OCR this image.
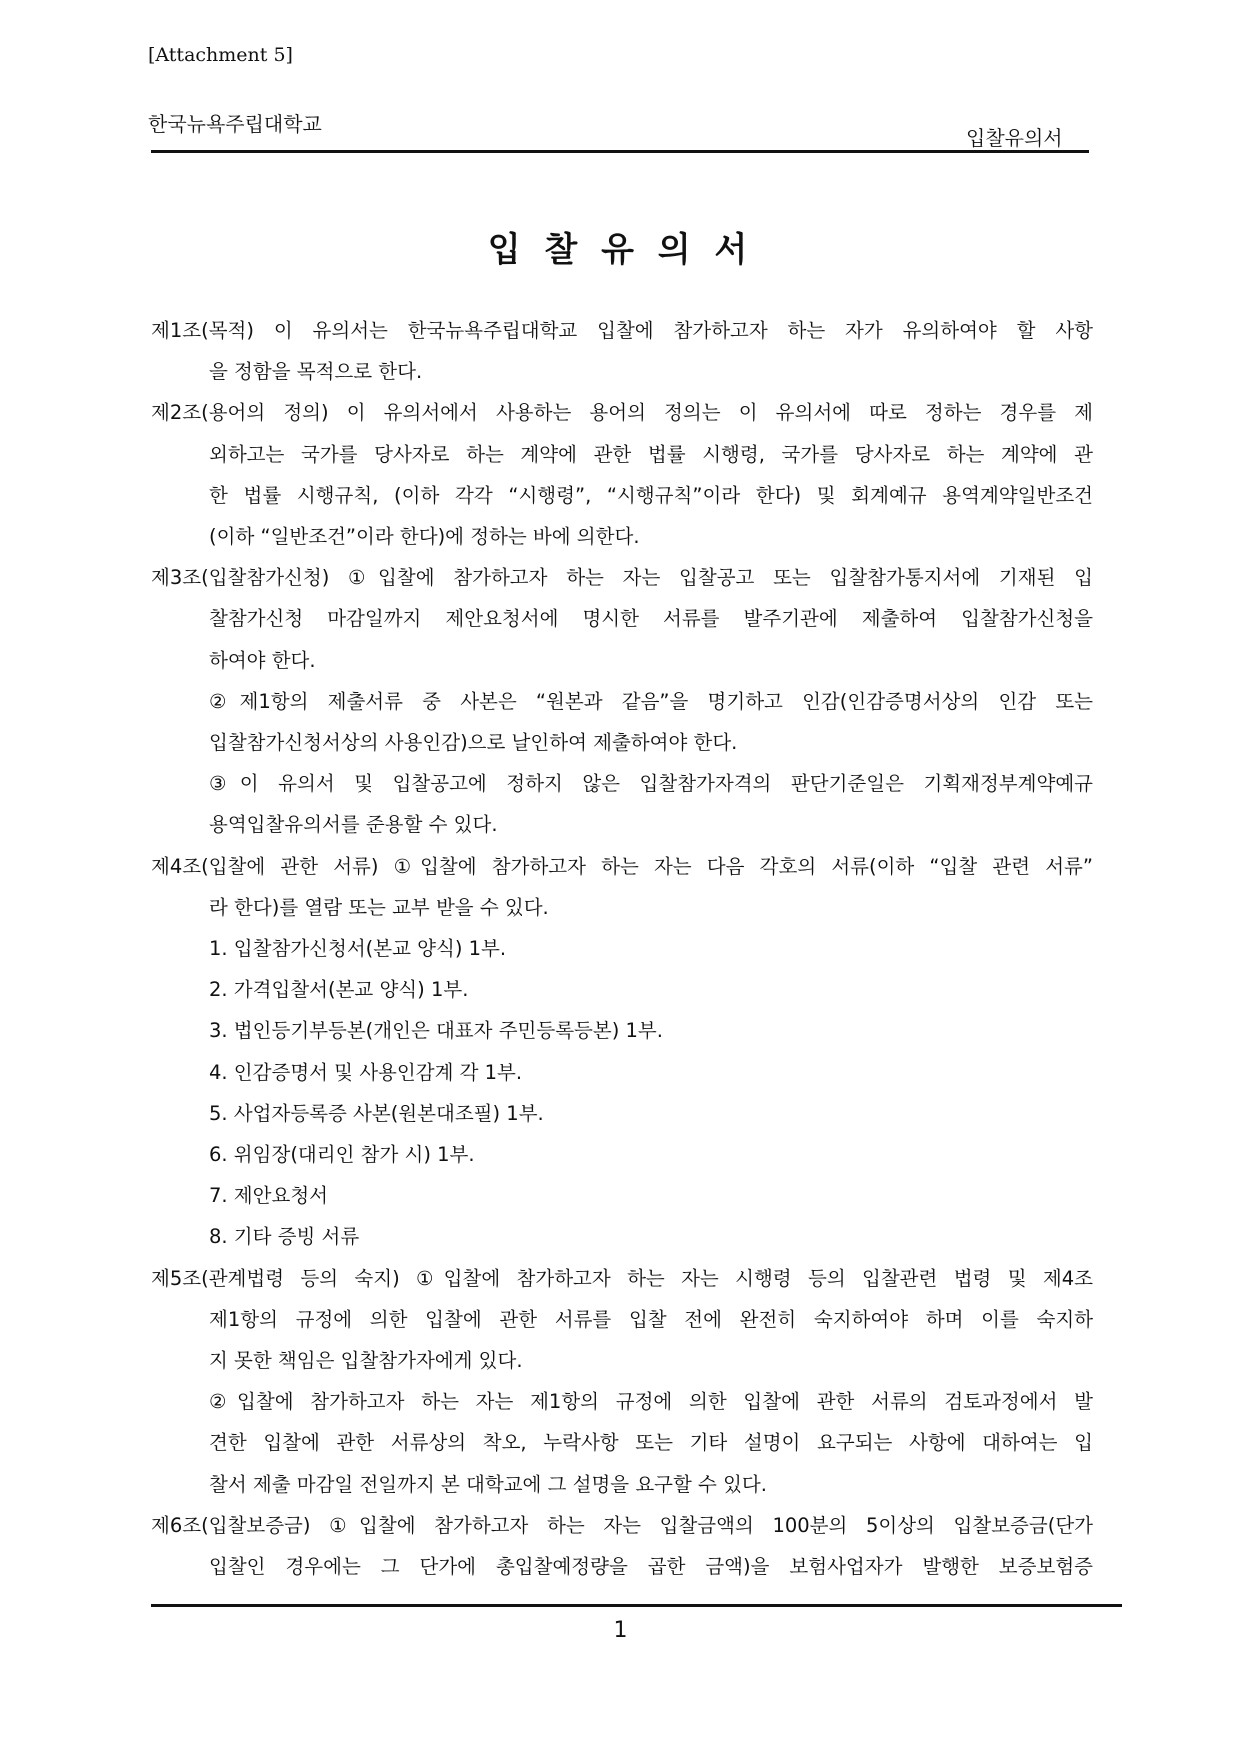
[Attachment 5]
한국뉴욕주립대학교
입찰유의서
입 찰 유 의 서
제1조(목적) 이 유의서는 한국뉴욕주립대학교 입찰에 참가하고자 하는 자가 유의하여야 할 사항
을 정함을 목적으로 한다.
제2조(용어의 정의) 이 유의서에서 사용하는 용어의 정의는 이 유의서에 따로 정하는 경우를 제
외하고는 국가를 당사자로 하는 계약에 관한 법률 시행령, 국가를 당사자로 하는 계약에 관
한 법률 시행규칙, (이하 각각 “시행령”, “시행규칙”이라 한다) 및 회계예규 용역계약일반조건
(이하 “일반조건”이라 한다)에 정하는 바에 의한다.
제3조(입찰참가신청) ①입찰에 참가하고자 하는 자는 입찰공고 또는 입찰참가통지서에 기재된 입
찰참가신청 마감일까지 제안요청서에 명시한 서류를 발주기관에 제출하여 입찰참가신청을
하여야 한다.
②제1항의 제출서류 중 사본은 “원본과 같음”을 명기하고 인감(인감증명서상의 인감 또는
입찰참가신청서상의 사용인감)으로 날인하여 제출하여야 한다.
③이 유의서 및 입찰공고에 정하지 않은 입찰참가자격의 판단기준일은 기획재정부계약예규
용역입찰유의서를 준용할 수 있다.
제4조(입찰에 관한 서류) ①입찰에 참가하고자 하는 자는 다음 각호의 서류(이하 “입찰 관련 서류”
라 한다)를 열람 또는 교부 받을 수 있다.
1. 입찰참가신청서(본교 양식) 1부.
2. 가격입찰서(본교 양식) 1부.
3. 법인등기부등본(개인은 대표자 주민등록등본) 1부.
4. 인감증명서 및 사용인감계 각 1부.
5. 사업자등록증 사본(원본대조필) 1부.
6. 위임장(대리인 참가 시) 1부.
7. 제안요청서
8. 기타 증빙 서류
제5조(관계법령 등의 숙지) ①입찰에 참가하고자 하는 자는 시행령 등의 입찰관련 법령 및 제4조
제1항의 규정에 의한 입찰에 관한 서류를 입찰 전에 완전히 숙지하여야 하며 이를 숙지하
지 못한 책임은 입찰참가자에게 있다.
②입찰에 참가하고자 하는 자는 제1항의 규정에 의한 입찰에 관한 서류의 검토과정에서 발
견한 입찰에 관한 서류상의 착오, 누락사항 또는 기타 설명이 요구되는 사항에 대하여는 입
찰서 제출 마감일 전일까지 본 대학교에 그 설명을 요구할 수 있다.
제6조(입찰보증금) ①입찰에 참가하고자 하는 자는 입찰금액의 100분의 5이상의 입찰보증금(단가
입찰인 경우에는 그 단가에 총입찰예정량을 곱한 금액)을 보험사업자가 발행한 보증보험증
1
